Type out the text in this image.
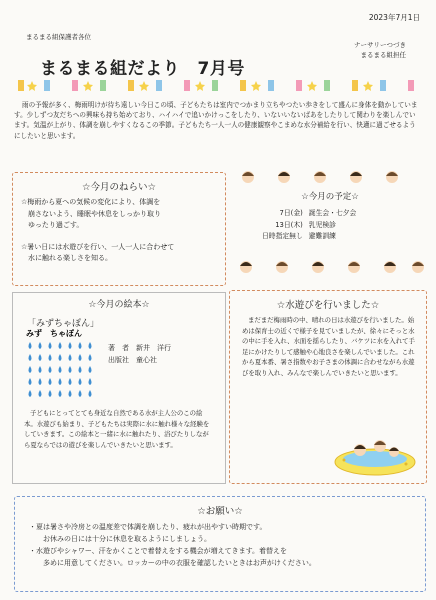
2023年7月1日
まるまる組保護者各位
ナーサリーつづき
まるまる組担任
まるまる組だより　7月号
雨の予報が多く、梅雨明けが待ち遠しい今日この頃、子どもたちは室内でつかまり立ちやつたい歩きをして盛んに身体を動かしています。少しずつ友だちへの興味も持ち始めており、ハイハイで追いかけっこをしたり、いないいないばあをしたりして関わりを楽しんでいます。気温が上がり、体調を崩しやすくなるこの季節。子どもたち一人一人の健康観察やこまめな水分補給を行い、快適に過ごせるようにしたいと思います。
☆今月のねらい☆

☆梅雨から夏への気候の変化により、体調を
崩さないよう、睡眠や休息をしっかり取り
ゆったり過ごす。

☆暑い日には水遊びを行い、一人一人に合わせて
水に触れる楽しさを知る。

☆今月の予定☆
7日(金)	誕生会・七夕会
13日(木)	乳児検診
日時指定無し	避難訓練
☆今月の絵本☆
「みずちゃぽん」
みず　ちゃぽん
著　者　新井　洋行
出版社　童心社
子どもにとってとても身近な自然である水が主人公のこの絵本。水遊びも始まり、子どもたちは実際に水に触れ様々な経験をしていきます。この絵本と一緒に水に触れたり、浴びたりしながら夏ならではの遊びを楽しんでいきたいと思います。
☆水遊びを行いました☆
まだまだ梅雨時の中、晴れの日は水遊びを行いました。始めは保育士の近くで様子を見ていましたが、徐々にそっと水の中に手を入れ、水面を揺らしたり、バケツに水を入れて手足にかけたりして感触や心地良さを楽しんでいました。これから夏本番、暑さ指数やお子さまの体調に合わせながら水遊びを取り入れ、みんなで楽しんでいきたいと思います。
☆お願い☆

・夏は暑さや冷房との温度差で体調を崩したり、疲れが出やすい時期です。

お休みの日には十分に休息を取るようにしましょう。

・水遊びやシャワー、汗をかくことで着替えをする機会が増えてきます。着替えを

多めに用意してください。ロッカーの中の衣服を確認したいときはお声がけください。
